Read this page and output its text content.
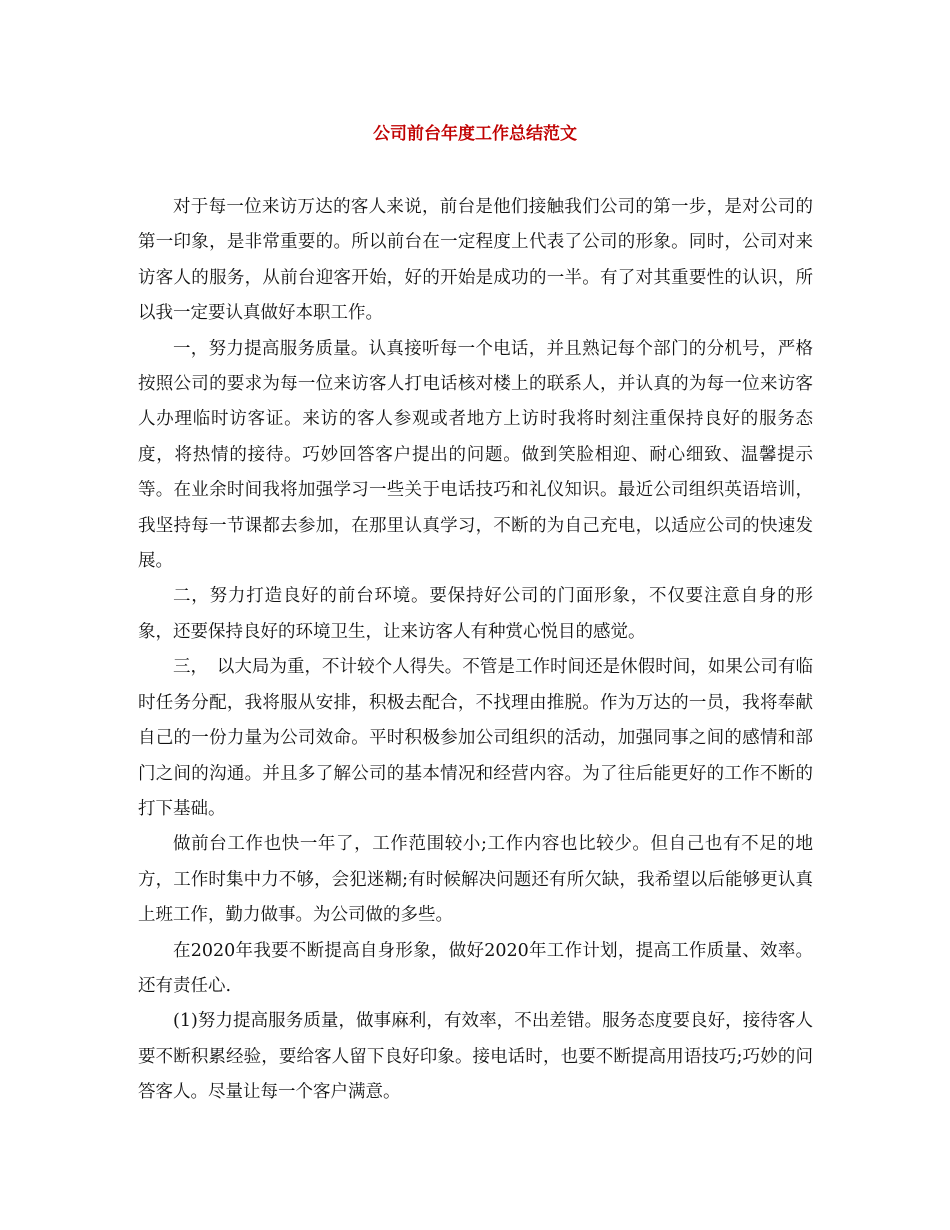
公司前台年度工作总结范文

对于每一位来访万达的客人来说，前台是他们接触我们公司的第一步，是对公司的第一印象，是非常重要的。所以前台在一定程度上代表了公司的形象。同时，公司对来访客人的服务，从前台迎客开始，好的开始是成功的一半。有了对其重要性的认识，所以我一定要认真做好本职工作。

一，努力提高服务质量。认真接听每一个电话，并且熟记每个部门的分机号，严格按照公司的要求为每一位来访客人打电话核对楼上的联系人，并认真的为每一位来访客人办理临时访客证。来访的客人参观或者地方上访时我将时刻注重保持良好的服务态度，将热情的接待。巧妙回答客户提出的问题。做到笑脸相迎、耐心细致、温馨提示等。在业余时间我将加强学习一些关于电话技巧和礼仪知识。最近公司组织英语培训，我坚持每一节课都去参加，在那里认真学习，不断的为自己充电，以适应公司的快速发展。

二，努力打造良好的前台环境。要保持好公司的门面形象，不仅要注意自身的形象，还要保持良好的环境卫生，让来访客人有种赏心悦目的感觉。

三，　以大局为重，不计较个人得失。不管是工作时间还是休假时间，如果公司有临时任务分配，我将服从安排，积极去配合，不找理由推脱。作为万达的一员，我将奉献自己的一份力量为公司效命。平时积极参加公司组织的活动，加强同事之间的感情和部门之间的沟通。并且多了解公司的基本情况和经营内容。为了往后能更好的工作不断的打下基础。

做前台工作也快一年了，工作范围较小;工作内容也比较少。但自己也有不足的地方，工作时集中力不够，会犯迷糊;有时候解决问题还有所欠缺，我希望以后能够更认真上班工作，勤力做事。为公司做的多些。

在2020年我要不断提高自身形象，做好2020年工作计划，提高工作质量、效率。还有责任心.

(1)努力提高服务质量，做事麻利，有效率，不出差错。服务态度要良好，接待客人要不断积累经验，要给客人留下良好印象。接电话时，也要不断提高用语技巧;巧妙的问答客人。尽量让每一个客户满意。
